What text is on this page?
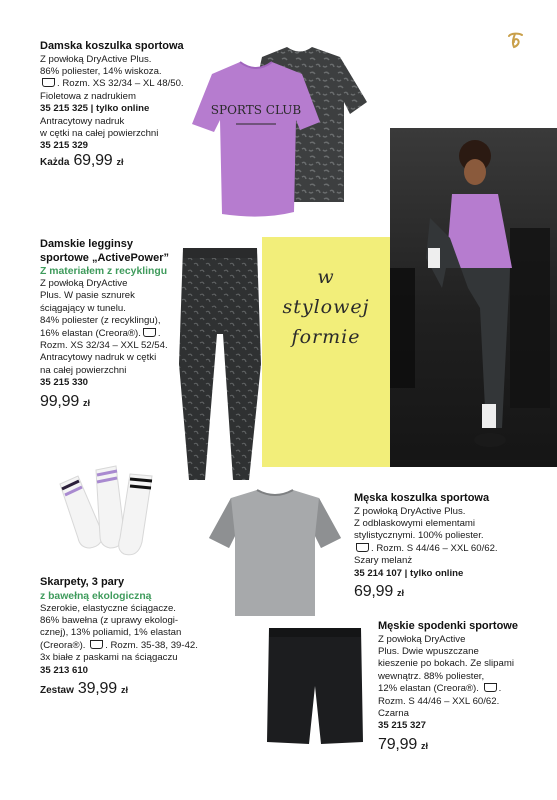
Damska koszulka sportowa
Z powłoką DryActive Plus.
86% poliester, 14% wiskoza.
. Rozm. XS 32/34 – XL 48/50.
Fioletowa z nadrukiem
35 215 325 | tylko online
Antracytowy nadruk
w cętki na całej powierzchni
35 215 329
Każda 69,99 zł
SPORTS CLUB
Damskie legginsy
sportowe „ActivePower”
Z materiałem z recyklingu
Z powłoką DryActive
Plus. W pasie sznurek
ściągający w tunelu.
84% poliester (z recyklingu),
16% elastan (Creora®). .
Rozm. XS 32/34 – XXL 52/54.
Antracytowy nadruk w cętki
na całej powierzchni
35 215 330
99,99 zł
w
stylowej
formie
Skarpety, 3 pary
z bawełną ekologiczną
Szerokie, elastyczne ściągacze.
86% bawełna (z uprawy ekologi-
cznej), 13% poliamid, 1% elastan
(Creora®). . Rozm. 35-38, 39-42.
3x białe z paskami na ściągaczu
35 213 610
Zestaw 39,99 zł
Męska koszulka sportowa
Z powłoką DryActive Plus.
Z odblaskowymi elementami
stylistycznymi. 100% poliester.
. Rozm. S 44/46 – XXL 60/62.
Szary melanż
35 214 107 | tylko online
69,99 zł
Męskie spodenki sportowe
Z powłoką DryActive
Plus. Dwie wpuszczane
kieszenie po bokach. Ze slipami
wewnątrz. 88% poliester,
12% elastan (Creora®). .
Rozm. S 44/46 – XXL 60/62.
Czarna
35 215 327
79,99 zł
